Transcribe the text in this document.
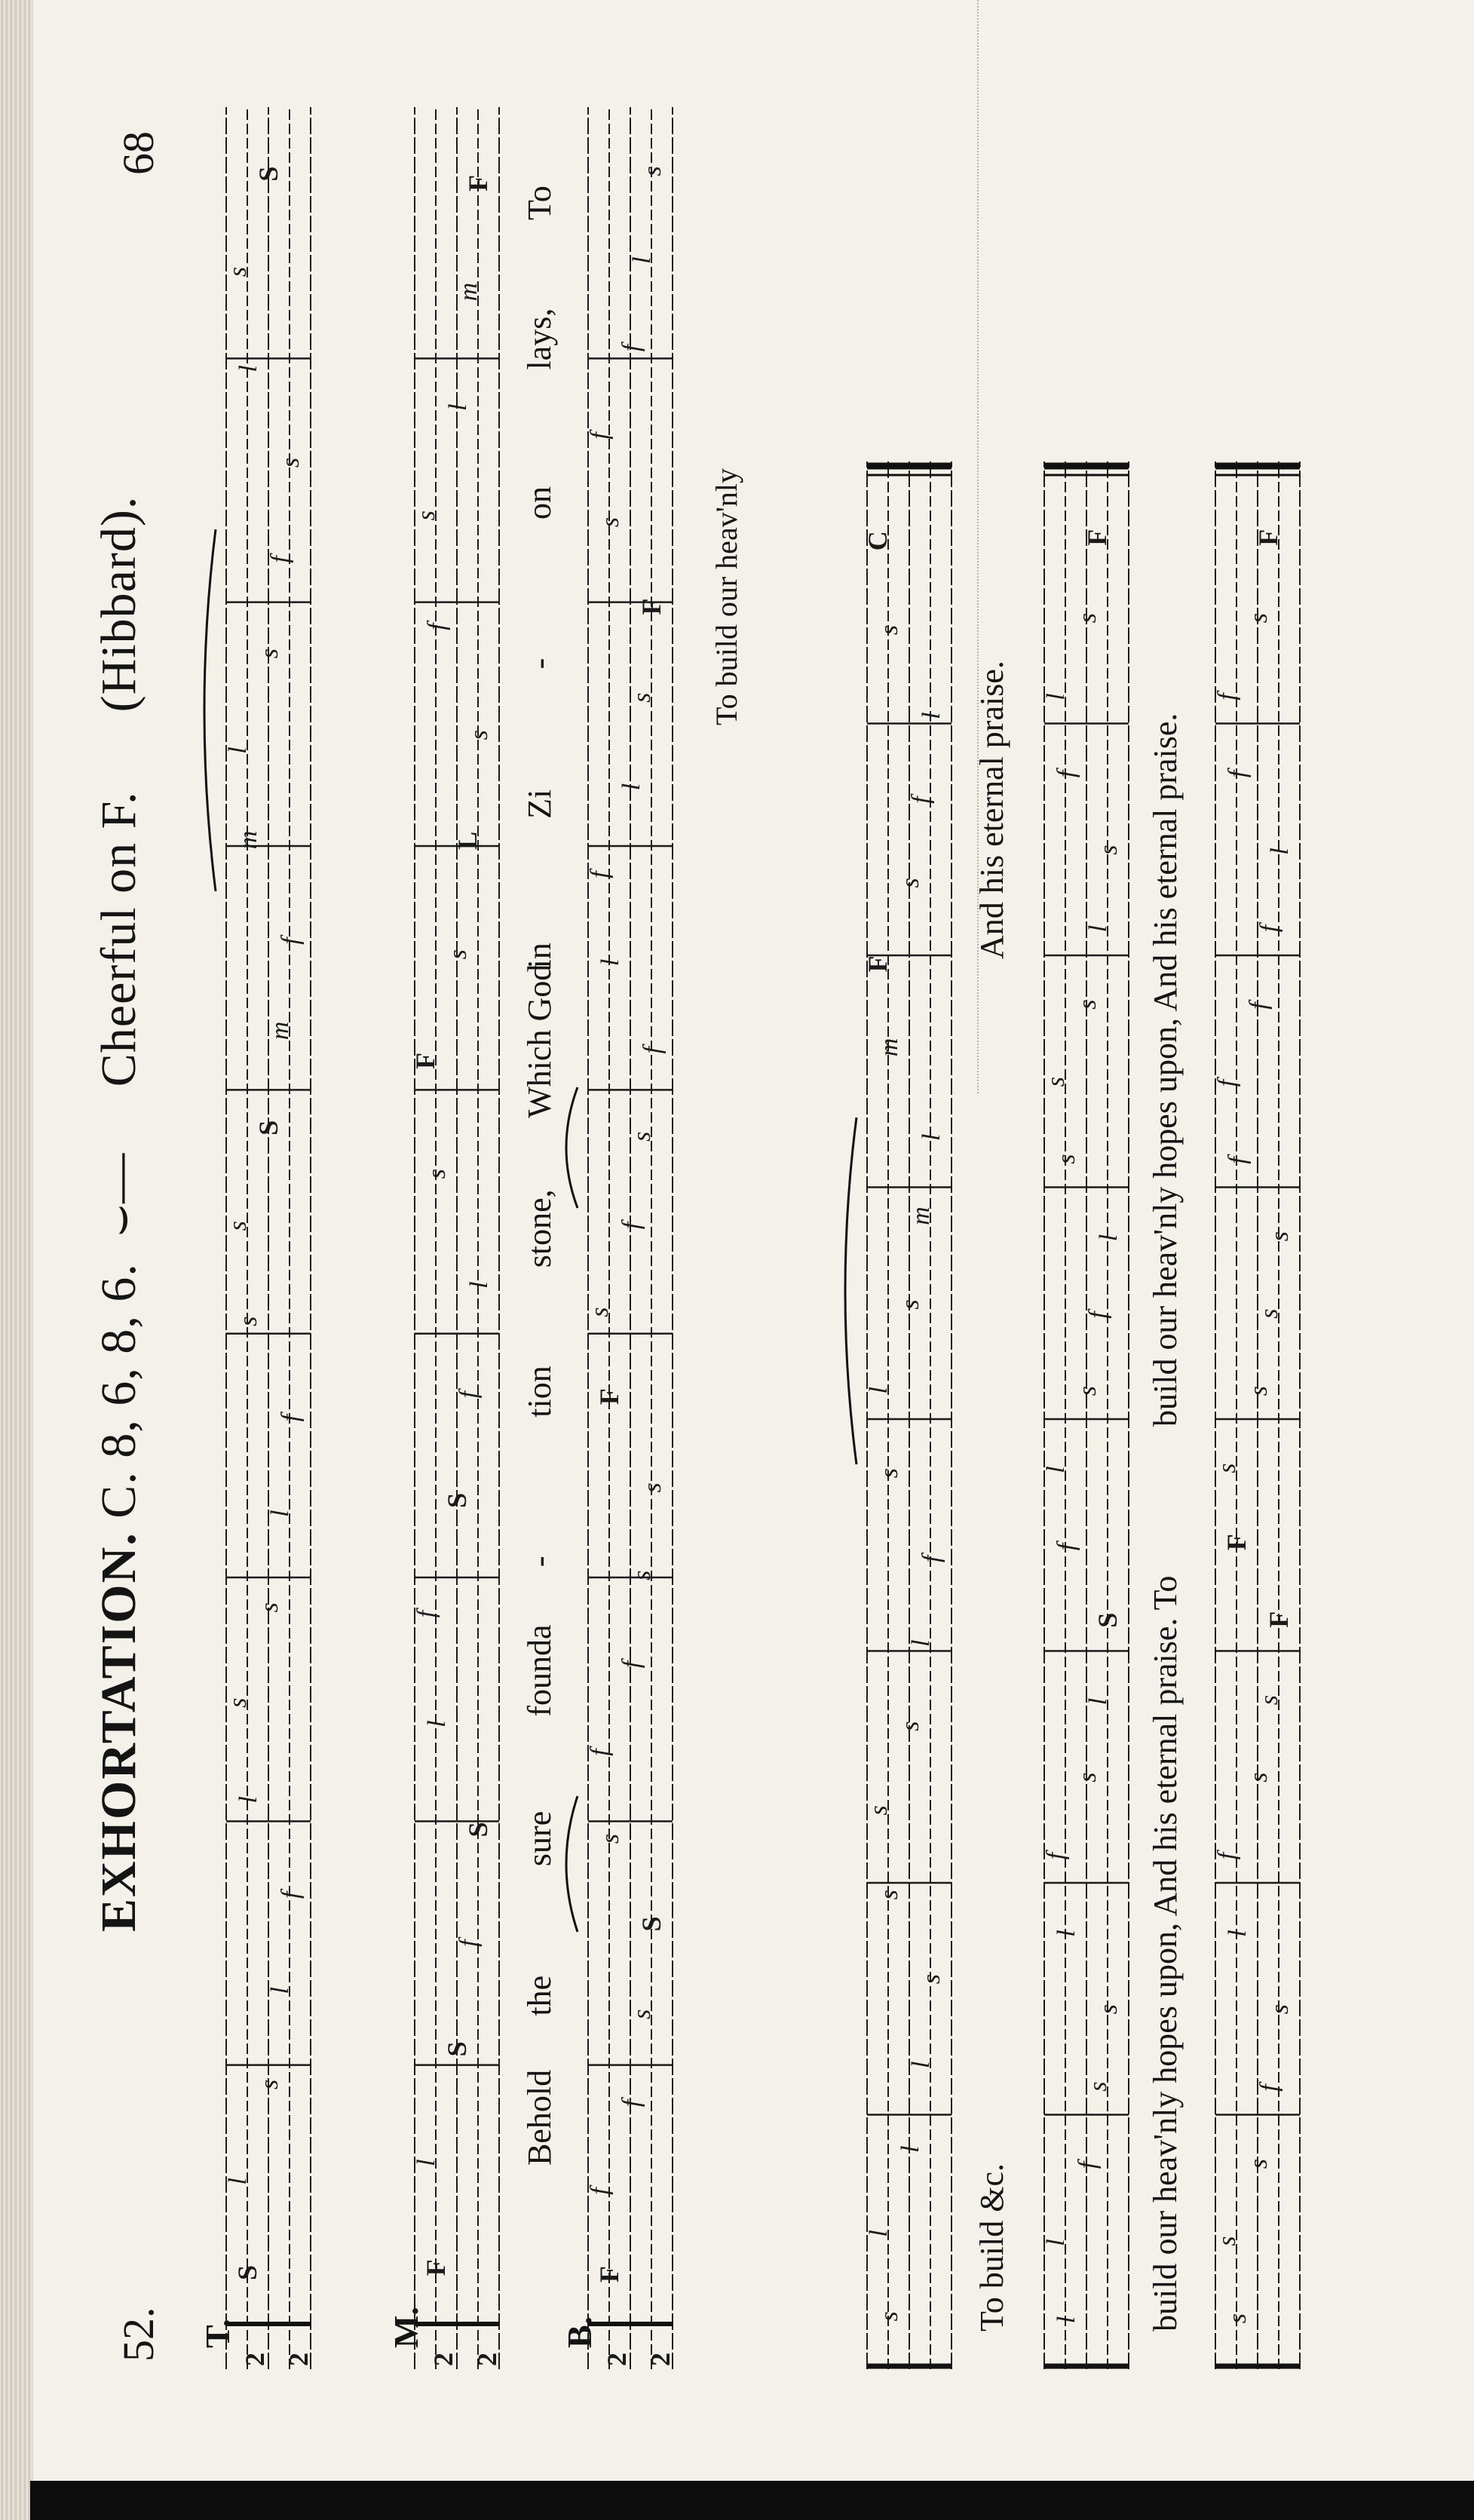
52.
68
EXHORTATION. C. 8, 6, 8, 6.  ⌣—     Cheerful on F.      (Hibbard).
T.
2 2
S
l
s
l
f
l
s
s
l
f
s
s
S
m
f
m
l
s
f
s
l
s
S
M.
2 2
F
l
S
f
S
l
f
S
f
l
s
F
s
L
s
f
s
l
m
F
Behold
the
sure
founda
-
tion
stone,
Which God
in
Zi
-
on
lays,
To
B.
2 2
F
f
f
s
S
s
f
f
s
s
F
s
f
s
f
l
f
l
s
F
s
f
f
l
s
To build our heav'nly
s
l
l
l
s
s
s
s
l
f
s
l
s
m
l
m
F
s
f
l
s
C
To build &c.
And his eternal praise.
l
l
f
s
s
l
f
s
l
S
f
l
s
f
l
s
s
s
l
s
f
l
s
F
build our heav'nly hopes upon, And his eternal praise. To
build our heav'nly hopes upon, And his eternal praise.
s
s
s
f
s
l
f
s
s
F
F
s
s
s
s
f
f
f
f
l
f
f
s
F
